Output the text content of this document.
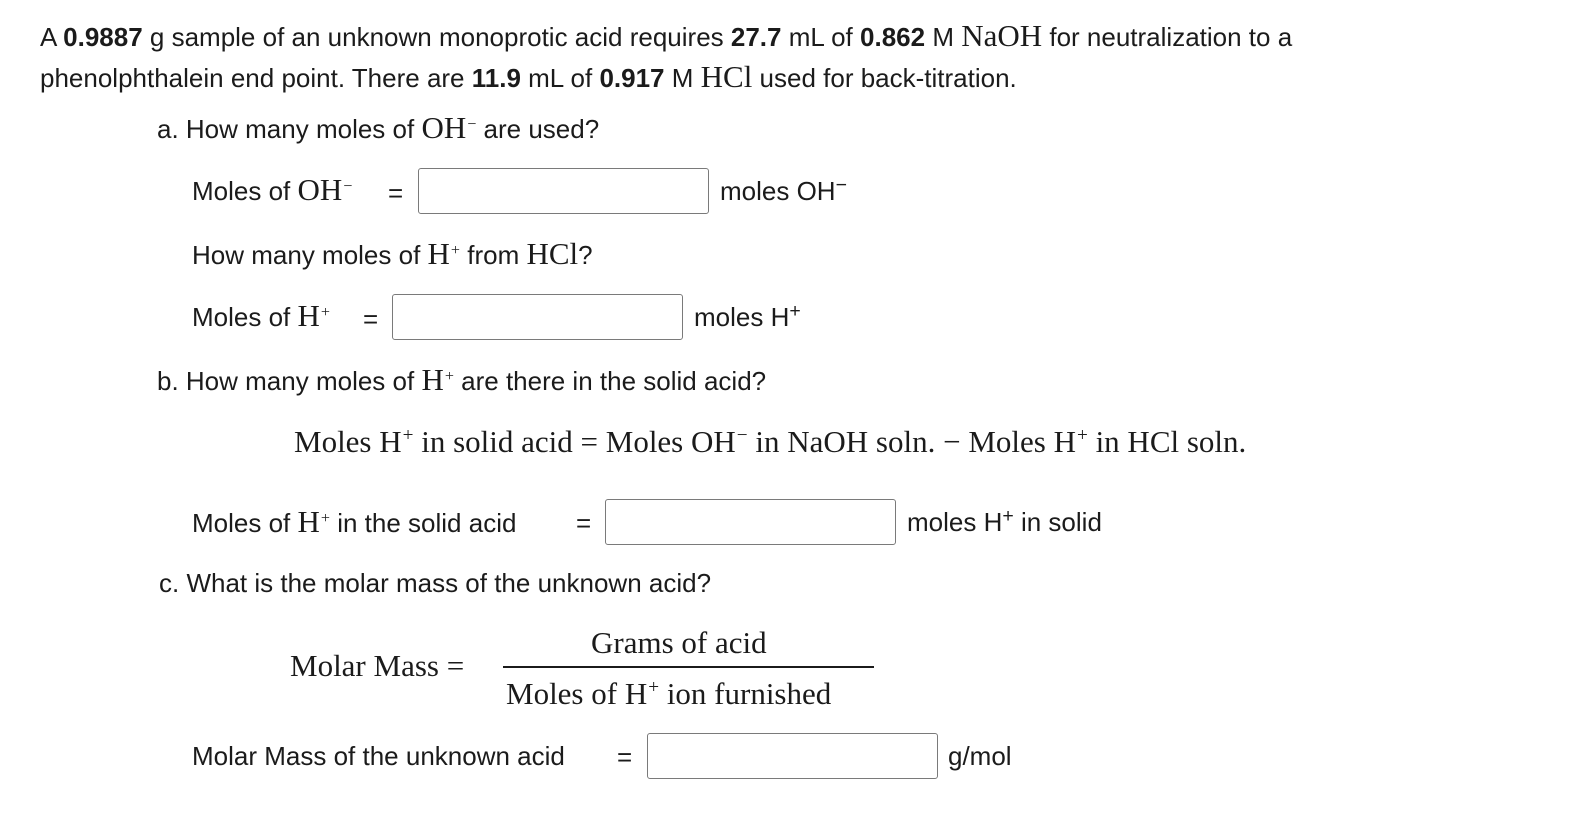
A 0.9887 g sample of an unknown monoprotic acid requires 27.7 mL of 0.862 M NaOH for neutralization to a
phenolphthalein end point. There are 11.9 mL of 0.917 M HCl used for back-titration.
a. How many moles of OH− are used?
Moles of OH− =	moles OH−
How many moles of H+ from HCl?
Moles of H+ =	moles H+
b. How many moles of H+ are there in the solid acid?
Moles H+ in solid acid = Moles OH− in NaOH soln. − Moles H+ in HCl soln.
Moles of H+ in the solid acid =	moles H+ in solid
c. What is the molar mass of the unknown acid?
Molar Mass =
Grams of acid
Moles of H+ ion furnished
Molar Mass of the unknown acid =	g/mol
